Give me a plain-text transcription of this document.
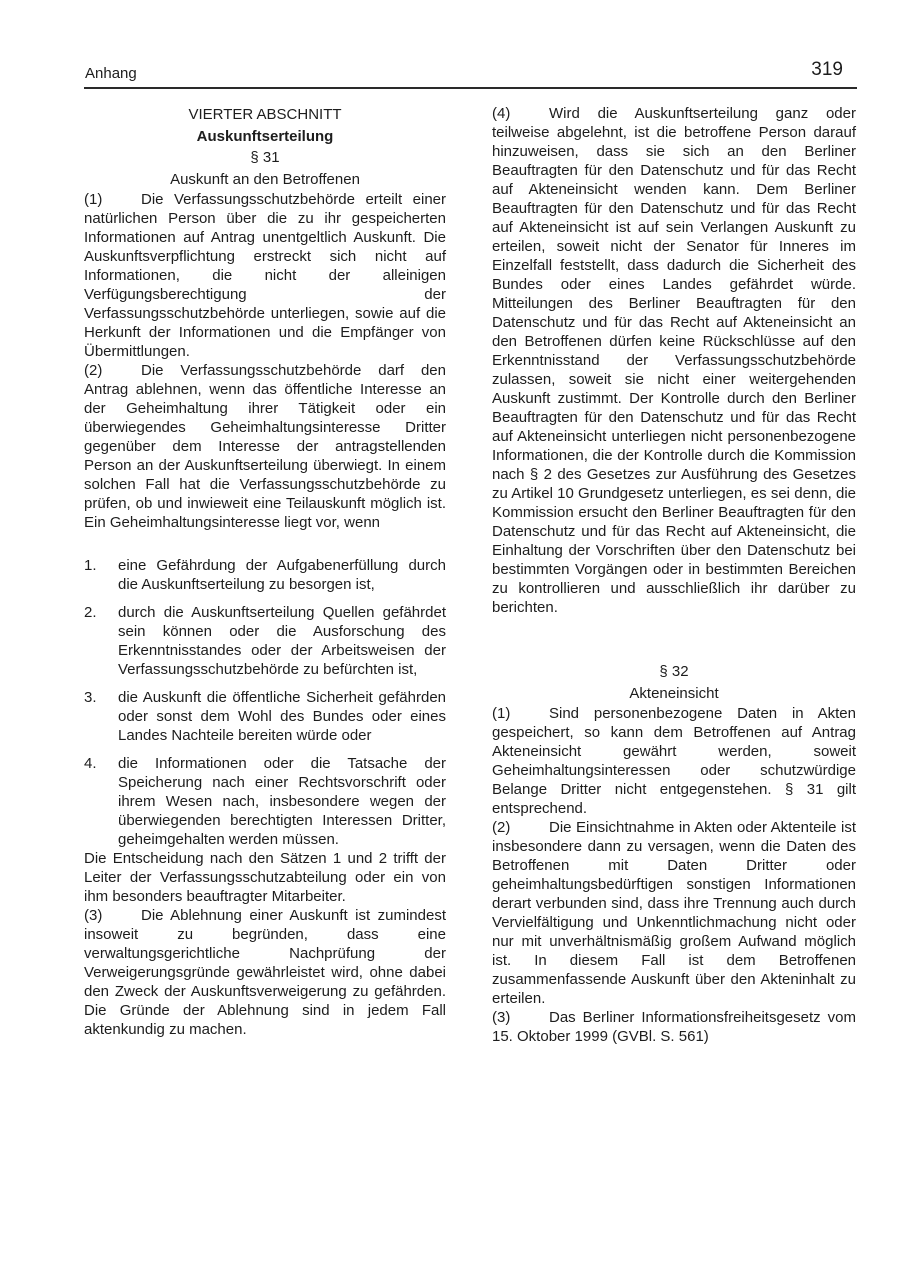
Anhang	319
VIERTER ABSCHNITT
Auskunftserteilung
§ 31
Auskunft an den Betroffenen

(1)	Die Verfassungsschutzbehörde erteilt einer natürlichen Person über die zu ihr gespeicherten Informationen auf Antrag unentgeltlich Auskunft. Die Auskunftsverpflichtung erstreckt sich nicht auf Informationen, die nicht der alleinigen Verfügungsberechtigung der Verfassungsschutzbehörde unterliegen, sowie auf die Herkunft der Informationen und die Empfänger von Übermittlungen.

(2)	Die Verfassungsschutzbehörde darf den Antrag ablehnen, wenn das öffentliche Interesse an der Geheimhaltung ihrer Tätigkeit oder ein überwiegendes Geheimhaltungsinteresse Dritter gegenüber dem Interesse der antragstellenden Person an der Auskunftserteilung überwiegt. In einem solchen Fall hat die Verfassungsschutzbehörde zu prüfen, ob und inwieweit eine Teilauskunft möglich ist. Ein Geheimhaltungsinteresse liegt vor, wenn

1.	eine Gefährdung der Aufgabenerfüllung durch die Auskunftserteilung zu besorgen ist,
2.	durch die Auskunftserteilung Quellen gefährdet sein können oder die Ausforschung des Erkenntnisstandes oder der Arbeitsweisen der Verfassungsschutzbehörde zu befürchten ist,
3.	die Auskunft die öffentliche Sicherheit gefährden oder sonst dem Wohl des Bundes oder eines Landes Nachteile bereiten würde oder
4.	die Informationen oder die Tatsache der Speicherung nach einer Rechtsvorschrift oder ihrem Wesen nach, insbesondere wegen der überwiegenden berechtigten Interessen Dritter, geheimgehalten werden müssen.

Die Entscheidung nach den Sätzen 1 und 2 trifft der Leiter der Verfassungsschutzabteilung oder ein von ihm besonders beauftragter Mitarbeiter.

(3)	Die Ablehnung einer Auskunft ist zumindest insoweit zu begründen, dass eine verwaltungsgerichtliche Nachprüfung der Verweigerungsgründe gewährleistet wird, ohne dabei den Zweck der Auskunftsverweigerung zu gefährden. Die Gründe der Ablehnung sind in jedem Fall aktenkundig zu machen.

(4)	Wird die Auskunftserteilung ganz oder teilweise abgelehnt, ist die betroffene Person darauf hinzuweisen, dass sie sich an den Berliner Beauftragten für den Datenschutz und für das Recht auf Akteneinsicht wenden kann. Dem Berliner Beauftragten für den Datenschutz und für das Recht auf Akteneinsicht ist auf sein Verlangen Auskunft zu erteilen, soweit nicht der Senator für Inneres im Einzelfall feststellt, dass dadurch die Sicherheit des Bundes oder eines Landes gefährdet würde. Mitteilungen des Berliner Beauftragten für den Datenschutz und für das Recht auf Akteneinsicht an den Betroffenen dürfen keine Rückschlüsse auf den Erkenntnisstand der Verfassungsschutzbehörde zulassen, soweit sie nicht einer weitergehenden Auskunft zustimmt. Der Kontrolle durch den Berliner Beauftragten für den Datenschutz und für das Recht auf Akteneinsicht unterliegen nicht personenbezogene Informationen, die der Kontrolle durch die Kommission nach § 2 des Gesetzes zur Ausführung des Gesetzes zu Artikel 10 Grundgesetz unterliegen, es sei denn, die Kommission ersucht den Berliner Beauftragten für den Datenschutz und für das Recht auf Akteneinsicht, die Einhaltung der Vorschriften über den Datenschutz bei bestimmten Vorgängen oder in bestimmten Bereichen zu kontrollieren und ausschließlich ihr darüber zu berichten.

§ 32
Akteneinsicht

(1)	Sind personenbezogene Daten in Akten gespeichert, so kann dem Betroffenen auf Antrag Akteneinsicht gewährt werden, soweit Geheimhaltungsinteressen oder schutzwürdige Belange Dritter nicht entgegenstehen. § 31 gilt entsprechend.

(2)	Die Einsichtnahme in Akten oder Aktenteile ist insbesondere dann zu versagen, wenn die Daten des Betroffenen mit Daten Dritter oder geheimhaltungsbedürftigen sonstigen Informationen derart verbunden sind, dass ihre Trennung auch durch Vervielfältigung und Unkenntlichmachung nicht oder nur mit unverhältnismäßig großem Aufwand möglich ist. In diesem Fall ist dem Betroffenen zusammenfassende Auskunft über den Akteninhalt zu erteilen.

(3)	Das Berliner Informationsfreiheitsgesetz vom 15. Oktober 1999 (GVBl. S. 561)
